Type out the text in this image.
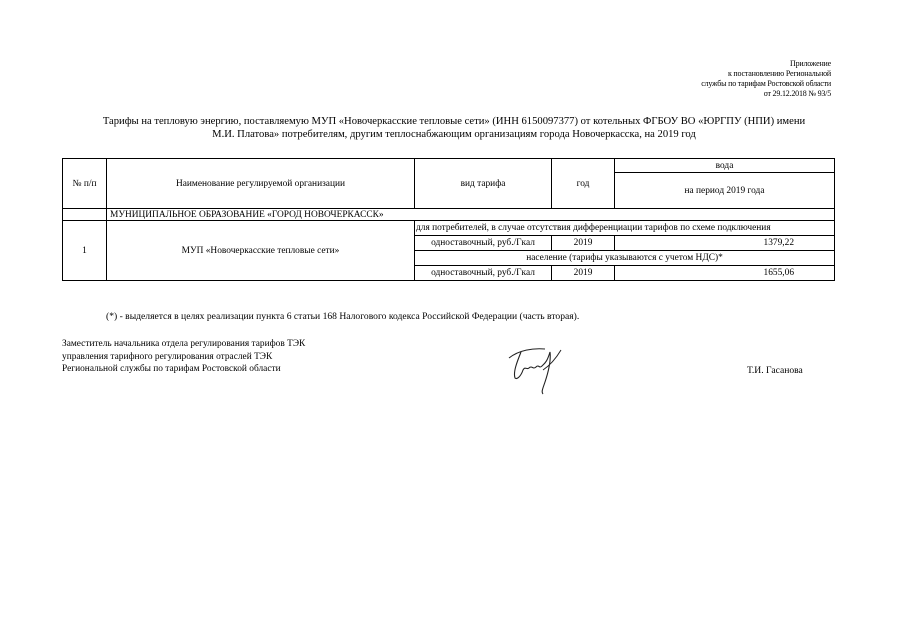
Приложение
к постановлению Региональной
службы по тарифам Ростовской области
от 29.12.2018 № 93/5
Тарифы на тепловую энергию, поставляемую МУП «Новочеркасские тепловые сети» (ИНН 6150097377) от котельных ФГБОУ ВО «ЮРГПУ (НПИ) имени
М.И. Платова» потребителям, другим теплоснабжающим организациям города Новочеркасска, на 2019 год
№ п/п	Наименование регулируемой организации	вид тарифа	год	вода
				на период 2019 года
	МУНИЦИПАЛЬНОЕ ОБРАЗОВАНИЕ «ГОРОД НОВОЧЕРКАССК»			
1	МУП «Новочеркасские тепловые сети»	для потребителей, в случае отсутствия дифференциации тарифов по схеме подключения		
		одноставочный, руб./Гкал	2019	1379,22
		население (тарифы указываются с учетом НДС)*		
		одноставочный, руб./Гкал	2019	1655,06
(*) - выделяется в целях реализации пункта 6 статьи 168 Налогового кодекса Российской Федерации (часть вторая).
Заместитель начальника отдела регулирования тарифов ТЭК
управления тарифного регулирования отраслей ТЭК
Региональной службы по тарифам Ростовской области	Т.И. Гасанова
